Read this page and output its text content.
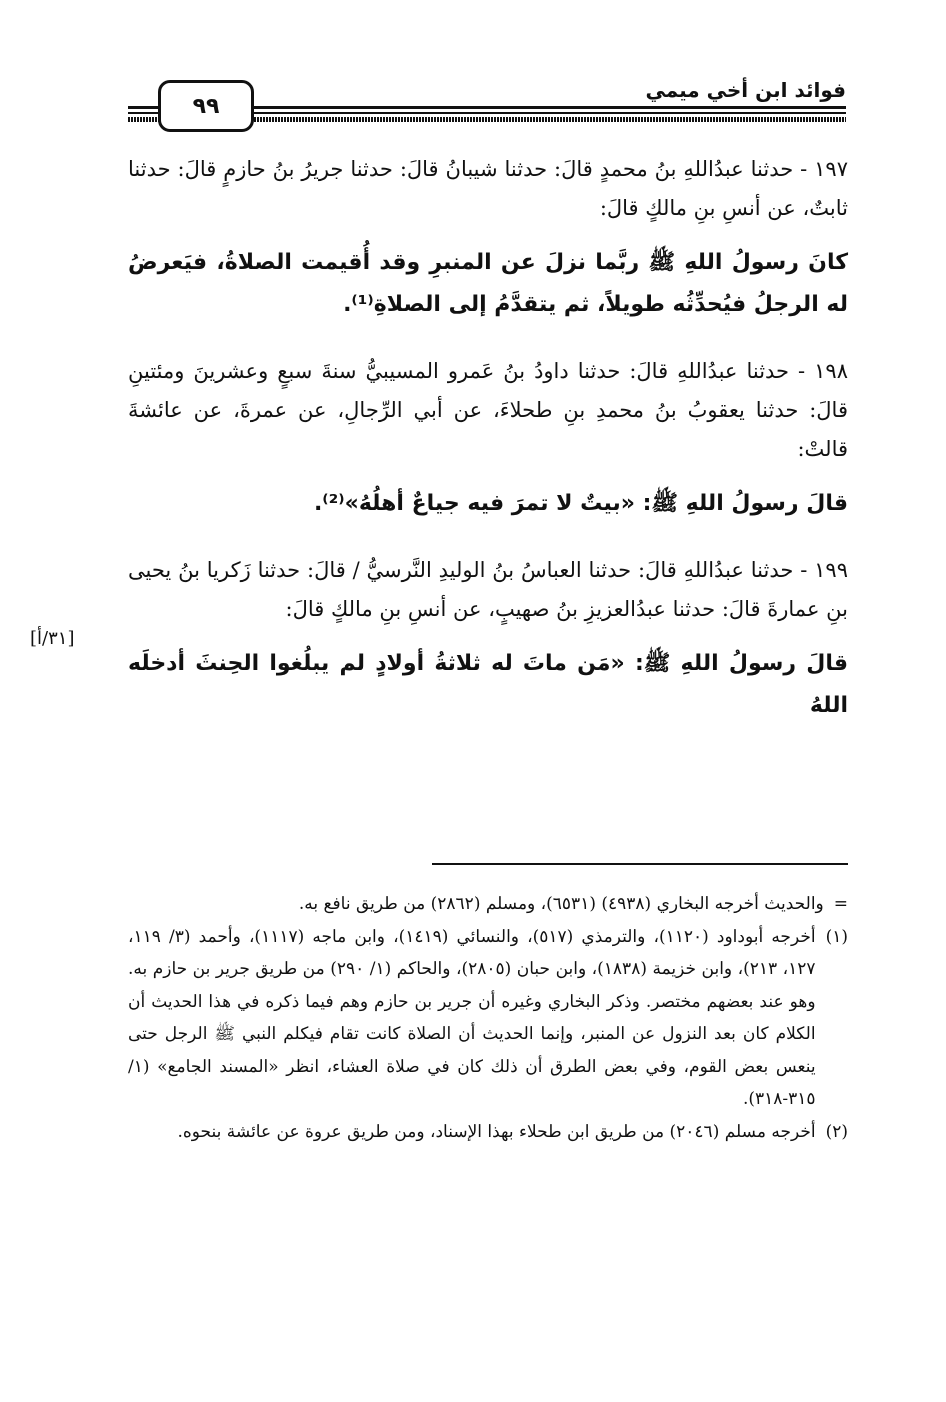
فوائد ابن أخي ميمي
٩٩
[٣١/أ]

١٩٧ - حدثنا عبدُاللهِ بنُ محمدٍ قالَ: حدثنا شيبانُ قالَ: حدثنا جريرُ بنُ حازمٍ قالَ: حدثنا ثابتٌ، عن أنسِ بنِ مالكٍ قالَ:

كانَ رسولُ اللهِ ﷺ ربَّما نزلَ عن المنبرِ وقد أُقيمت الصلاةُ، فيَعرضُ له الرجلُ فيُحدِّثُه طويلاً، ثم يتقدَّمُ إلى الصلاةِ⁽¹⁾.

١٩٨ - حدثنا عبدُاللهِ قالَ: حدثنا داودُ بنُ عَمرو المسيبيُّ سنةَ سبعٍ وعشرينَ ومئتينِ قالَ: حدثنا يعقوبُ بنُ محمدِ بنِ طحلاءَ، عن أبي الرِّجالِ، عن عمرةَ، عن عائشةَ قالتْ:

قالَ رسولُ اللهِ ﷺ: «بيتٌ لا تمرَ فيه جياعٌ أهلُهُ»⁽²⁾.

١٩٩ - حدثنا عبدُاللهِ قالَ: حدثنا العباسُ بنُ الوليدِ النَّرسيُّ / قالَ: حدثنا زَكريا بنُ يحيى بنِ عمارةَ قالَ: حدثنا عبدُالعزيزِ بنُ صهيبٍ، عن أنسِ بنِ مالكٍ قالَ:

قالَ رسولُ اللهِ ﷺ: «مَن ماتَ له ثلاثةُ أولادٍ لم يبلُغوا الحِنثَ أدخلَه اللهُ

=
والحديث أخرجه البخاري (٤٩٣٨) (٦٥٣١)، ومسلم (٢٨٦٢) من طريق نافع به.
(١)
أخرجه أبوداود (١١٢٠)، والترمذي (٥١٧)، والنسائي (١٤١٩)، وابن ماجه (١١١٧)، وأحمد (٣/ ١١٩، ١٢٧، ٢١٣)، وابن خزيمة (١٨٣٨)، وابن حبان (٢٨٠٥)، والحاكم (١/ ٢٩٠) من طريق جرير بن حازم به. وهو عند بعضهم مختصر. وذكر البخاري وغيره أن جرير بن حازم وهم فيما ذكره في هذا الحديث أن الكلام كان بعد النزول عن المنبر، وإنما الحديث أن الصلاة كانت تقام فيكلم النبي ﷺ الرجل حتى ينعس بعض القوم، وفي بعض الطرق أن ذلك كان في صلاة العشاء، انظر «المسند الجامع» (١/ ٣١٥-٣١٨).
(٢)
أخرجه مسلم (٢٠٤٦) من طريق ابن طحلاء بهذا الإسناد، ومن طريق عروة عن عائشة بنحوه.
